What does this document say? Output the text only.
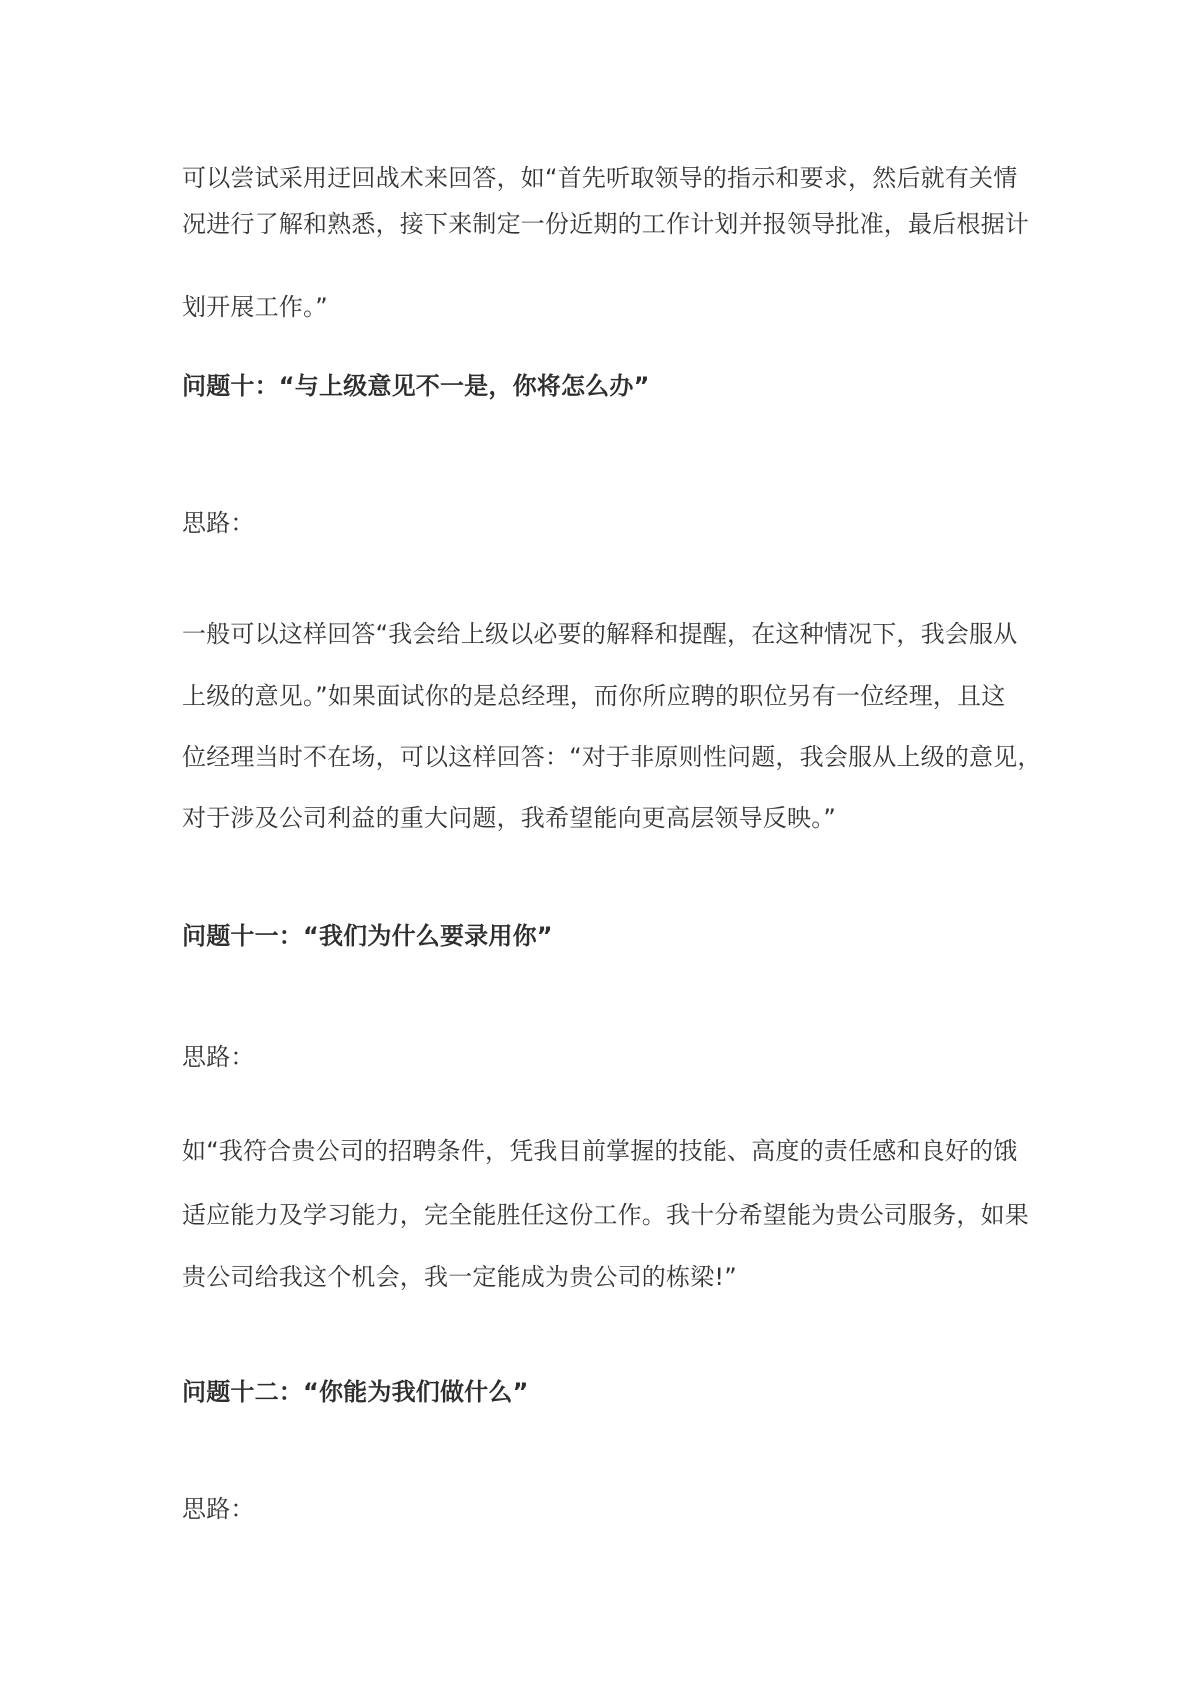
可以尝试采用迂回战术来回答，如“首先听取领导的指示和要求，然后就有关情
况进行了解和熟悉，接下来制定一份近期的工作计划并报领导批准，最后根据计
划开展工作。”
问题十：“与上级意见不一是，你将怎么办”
思路：
一般可以这样回答“我会给上级以必要的解释和提醒，在这种情况下，我会服从
上级的意见。”如果面试你的是总经理，而你所应聘的职位另有一位经理，且这
位经理当时不在场，可以这样回答：“对于非原则性问题，我会服从上级的意见，
对于涉及公司利益的重大问题，我希望能向更高层领导反映。”
问题十一：“我们为什么要录用你”
思路：
如“我符合贵公司的招聘条件，凭我目前掌握的技能、高度的责任感和良好的饿
适应能力及学习能力，完全能胜任这份工作。我十分希望能为贵公司服务，如果
贵公司给我这个机会，我一定能成为贵公司的栋梁!”
问题十二：“你能为我们做什么”
思路：
